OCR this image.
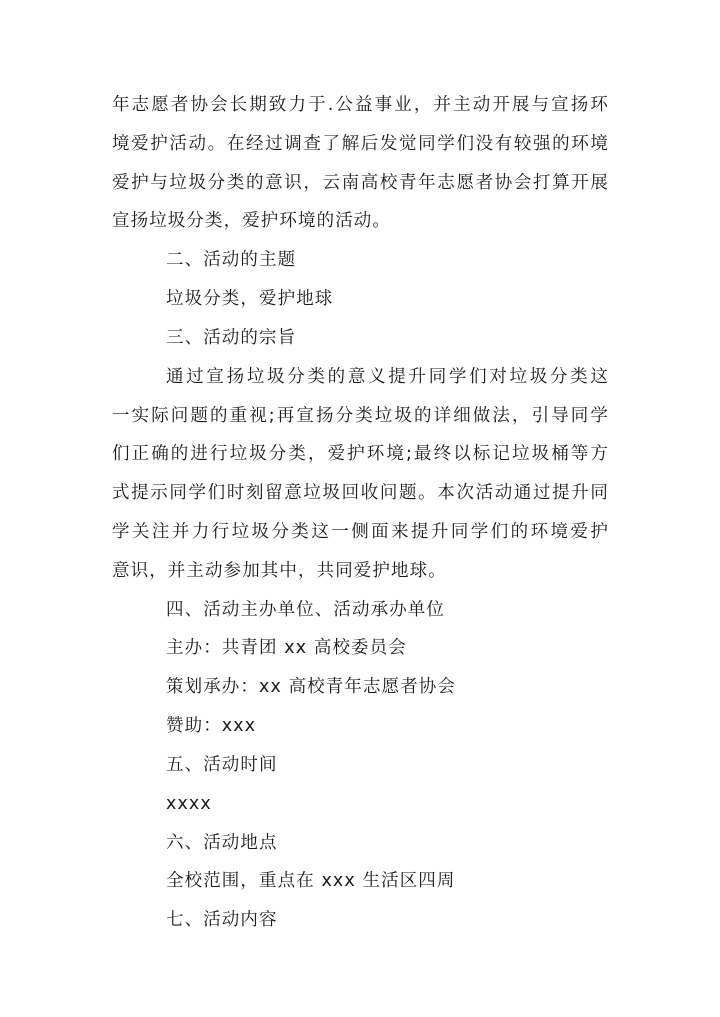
年志愿者协会长期致力于.公益事业，并主动开展与宣扬环
境爱护活动。在经过调查了解后发觉同学们没有较强的环境
爱护与垃圾分类的意识，云南高校青年志愿者协会打算开展
宣扬垃圾分类，爱护环境的活动。
二、活动的主题
垃圾分类，爱护地球
三、活动的宗旨
通过宣扬垃圾分类的意义提升同学们对垃圾分类这
一实际问题的重视;再宣扬分类垃圾的详细做法，引导同学
们正确的进行垃圾分类，爱护环境;最终以标记垃圾桶等方
式提示同学们时刻留意垃圾回收问题。本次活动通过提升同
学关注并力行垃圾分类这一侧面来提升同学们的环境爱护
意识，并主动参加其中，共同爱护地球。
四、活动主办单位、活动承办单位
主办：共青团 xx 高校委员会
策划承办：xx 高校青年志愿者协会
赞助：xxx
五、活动时间
xxxx
六、活动地点
全校范围，重点在 xxx 生活区四周
七、活动内容
